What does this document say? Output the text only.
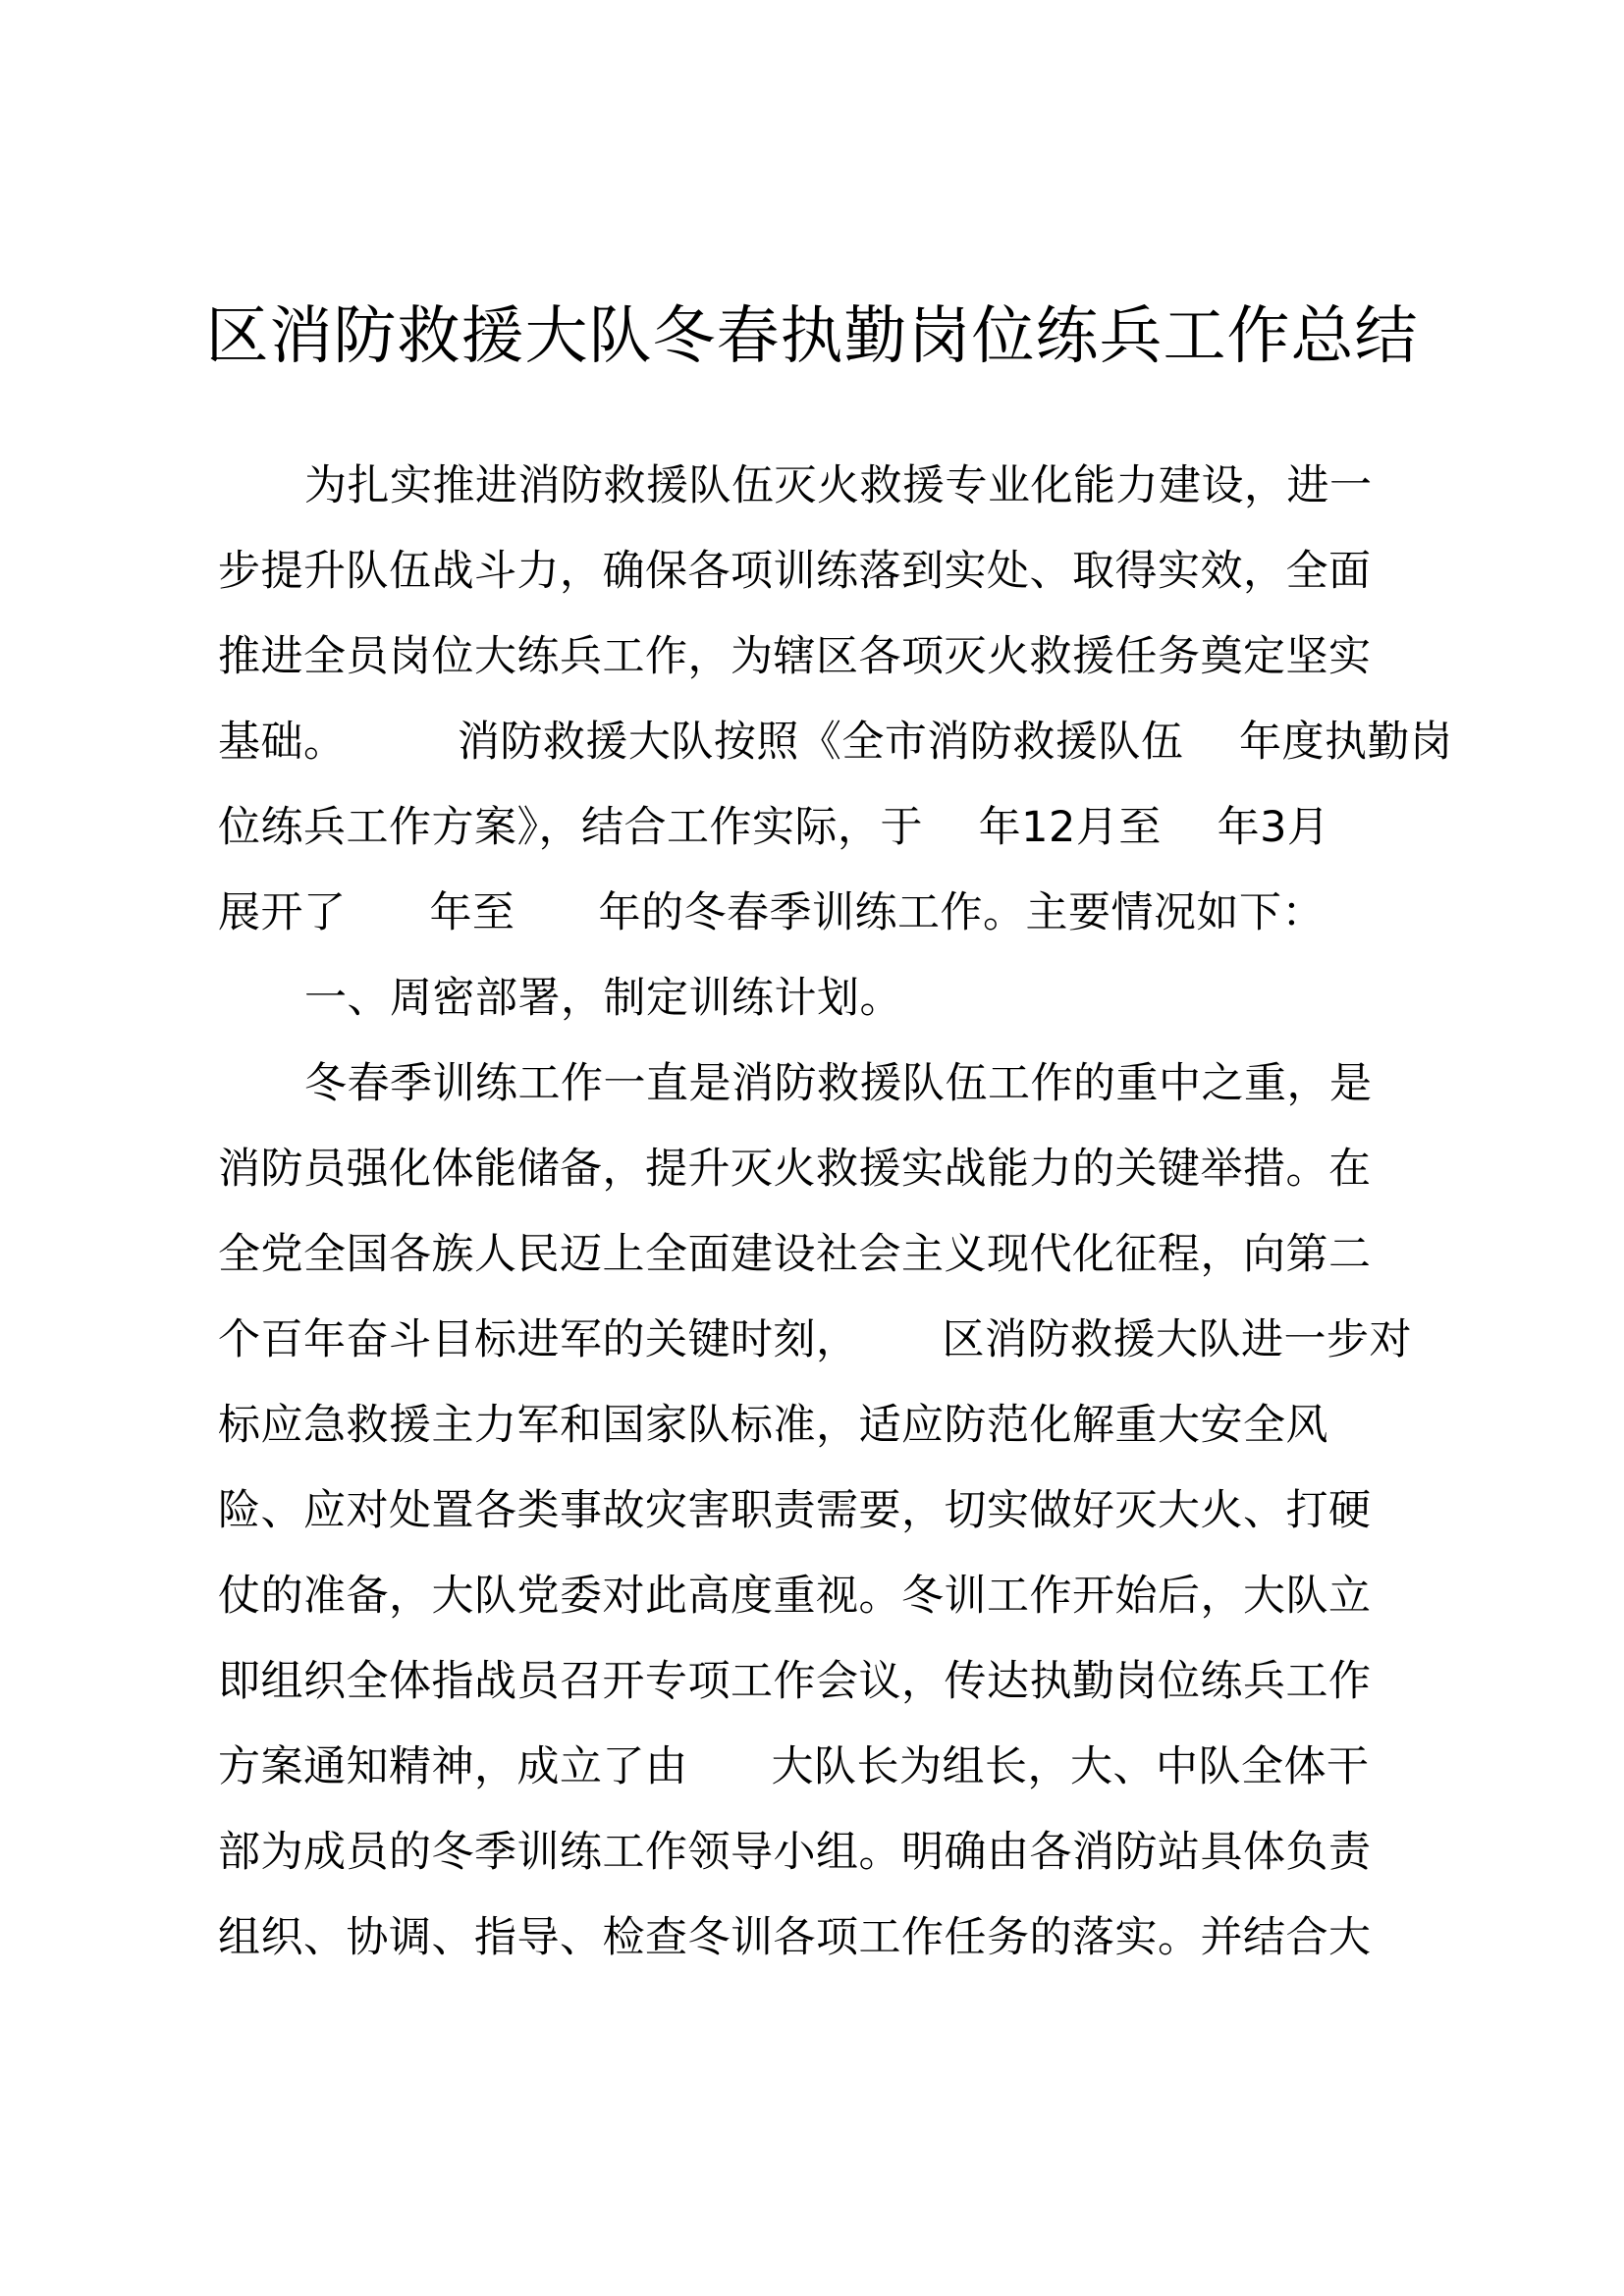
区消防救援大队冬春执勤岗位练兵工作总结
为扎实推进消防救援队伍灭火救援专业化能力建设，进一
步提升队伍战斗力，确保各项训练落到实处、取得实效，全面
推进全员岗位大练兵工作，为辖区各项灭火救援任务奠定坚实
基础。        消防救援大队按照《全市消防救援队伍    年度执勤岗
位练兵工作方案》，结合工作实际，于    年12月至    年3月
展开了      年至      年的冬春季训练工作。主要情况如下：
一、周密部署，制定训练计划。
冬春季训练工作一直是消防救援队伍工作的重中之重，是
消防员强化体能储备，提升灭火救援实战能力的关键举措。在
全党全国各族人民迈上全面建设社会主义现代化征程，向第二
个百年奋斗目标进军的关键时刻，      区消防救援大队进一步对
标应急救援主力军和国家队标准，适应防范化解重大安全风
险、应对处置各类事故灾害职责需要，切实做好灭大火、打硬
仗的准备，大队党委对此高度重视。冬训工作开始后，大队立
即组织全体指战员召开专项工作会议，传达执勤岗位练兵工作
方案通知精神，成立了由      大队长为组长，大、中队全体干
部为成员的冬季训练工作领导小组。明确由各消防站具体负责
组织、协调、指导、检查冬训各项工作任务的落实。并结合大
